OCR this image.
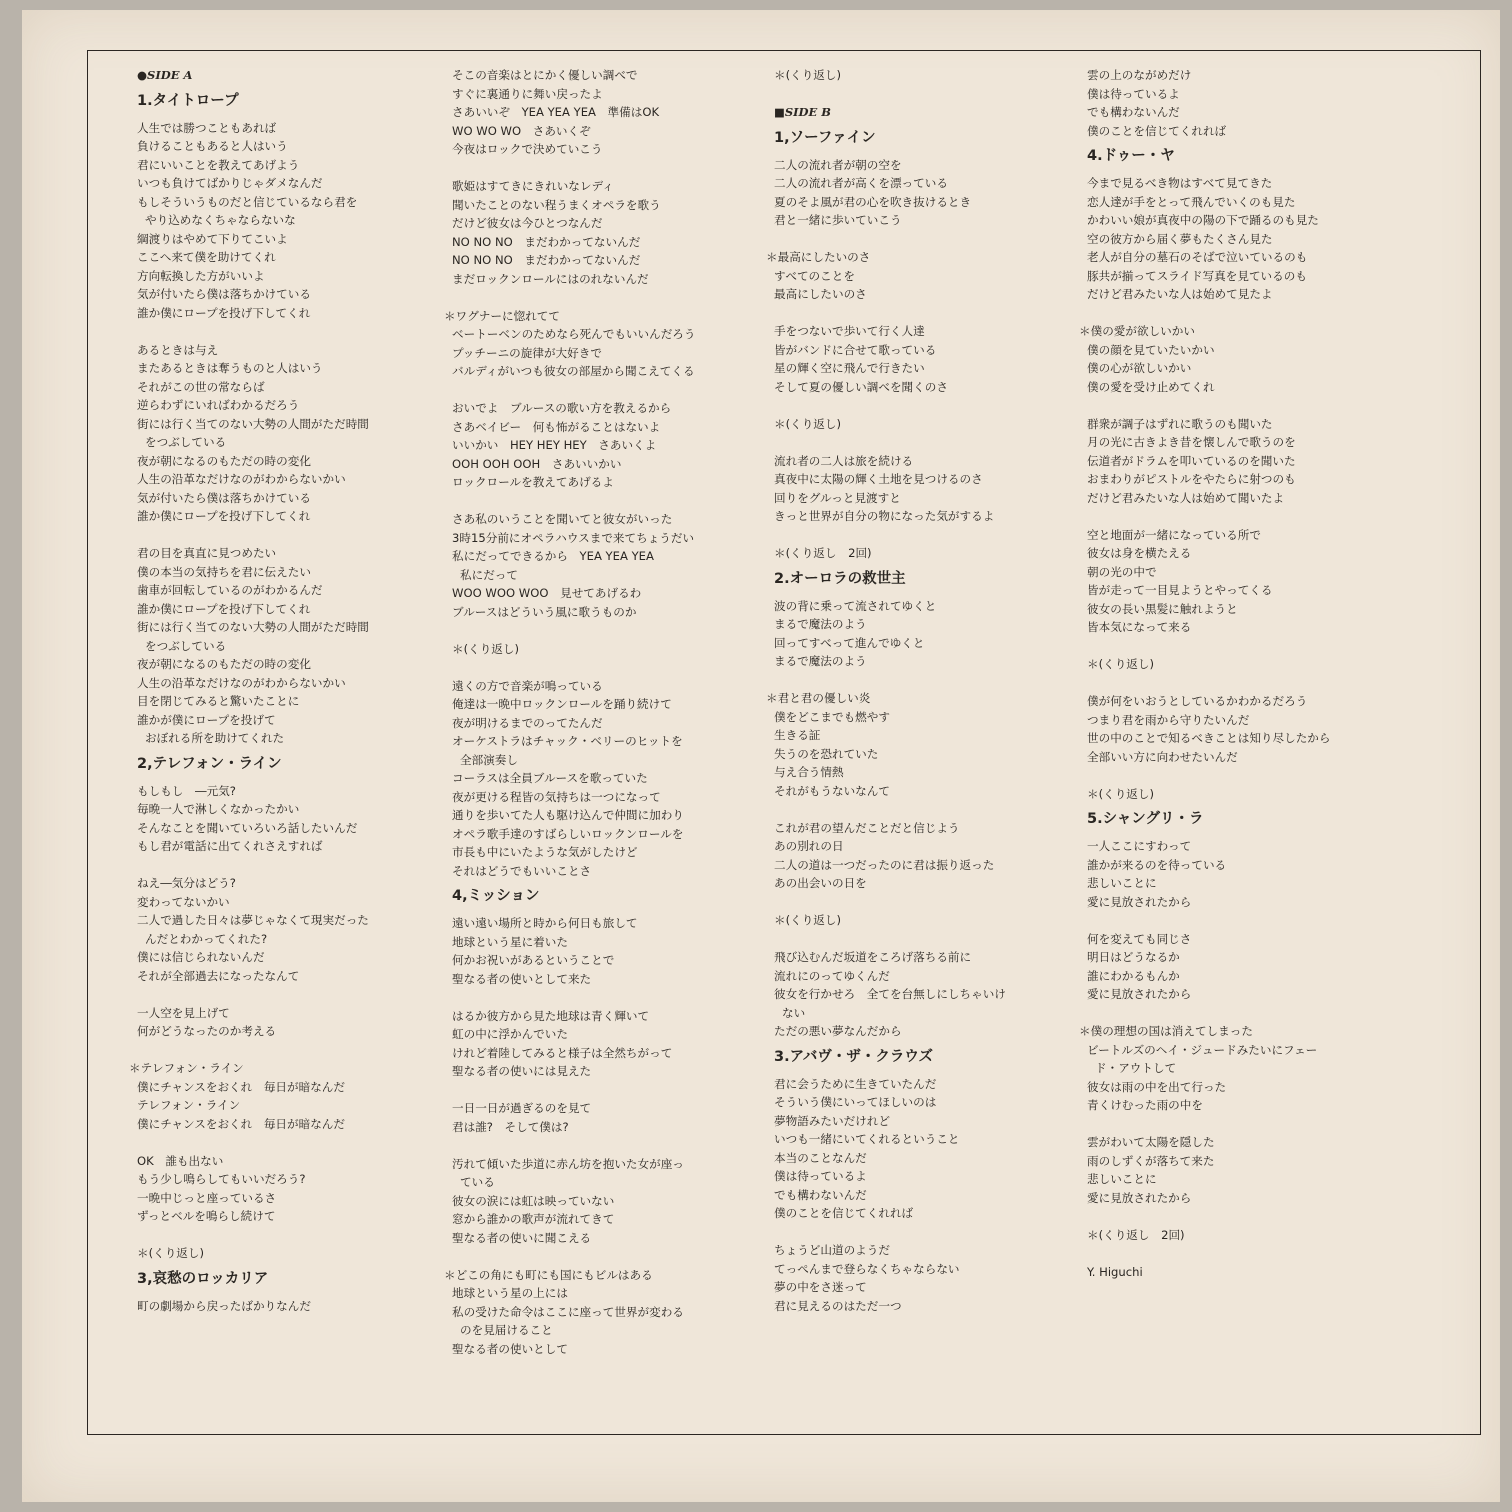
●SIDE A
1.タイトロープ
人生では勝つこともあれば
負けることもあると人はいう
君にいいことを教えてあげよう
いつも負けてばかりじゃダメなんだ
もしそういうものだと信じているなら君を
やり込めなくちゃならないな
綱渡りはやめて下りてこいよ
ここへ来て僕を助けてくれ
方向転換した方がいいよ
気が付いたら僕は落ちかけている
誰か僕にロープを投げ下してくれ
あるときは与え
またあるときは奪うものと人はいう
それがこの世の常ならば
逆らわずにいればわかるだろう
街には行く当てのない大勢の人間がただ時間
をつぶしている
夜が朝になるのもただの時の変化
人生の沿革なだけなのがわからないかい
気が付いたら僕は落ちかけている
誰か僕にロープを投げ下してくれ
君の目を真直に見つめたい
僕の本当の気持ちを君に伝えたい
歯車が回転しているのがわかるんだ
誰か僕にロープを投げ下してくれ
街には行く当てのない大勢の人間がただ時間
をつぶしている
夜が朝になるのもただの時の変化
人生の沿革なだけなのがわからないかい
目を閉じてみると驚いたことに
誰かが僕にロープを投げて
おぼれる所を助けてくれた
2,テレフォン・ライン
もしもし　―元気?
毎晩一人で淋しくなかったかい
そんなことを聞いていろいろ話したいんだ
もし君が電話に出てくれさえすれば
ねえ―気分はどう?
変わってないかい
二人で過した日々は夢じゃなくて現実だった
んだとわかってくれた?
僕には信じられないんだ
それが全部過去になったなんて
一人空を見上げて
何がどうなったのか考える
＊テレフォン・ライン
僕にチャンスをおくれ　毎日が暗なんだ
テレフォン・ライン
僕にチャンスをおくれ　毎日が暗なんだ
OK　誰も出ない
もう少し鳴らしてもいいだろう?
一晩中じっと座っているさ
ずっとベルを鳴らし続けて
＊(くり返し)
3,哀愁のロッカリア
町の劇場から戻ったばかりなんだ
そこの音楽はとにかく優しい調べで
すぐに裏通りに舞い戻ったよ
さあいいぞ　YEA YEA YEA　準備はOK
WO WO WO　さあいくぞ
今夜はロックで決めていこう
歌姫はすてきにきれいなレディ
聞いたことのない程うまくオペラを歌う
だけど彼女は今ひとつなんだ
NO NO NO　まだわかってないんだ
NO NO NO　まだわかってないんだ
まだロックンロールにはのれないんだ
＊ワグナーに惚れてて
ベートーベンのためなら死んでもいいんだろう
プッチーニの旋律が大好きで
バルディがいつも彼女の部屋から聞こえてくる
おいでよ　ブルースの歌い方を教えるから
さあベイビー　何も怖がることはないよ
いいかい　HEY HEY HEY　さあいくよ
OOH OOH OOH　さあいいかい
ロックロールを教えてあげるよ
さあ私のいうことを聞いてと彼女がいった
3時15分前にオペラハウスまで来てちょうだい
私にだってできるから　YEA YEA YEA
私にだって
WOO WOO WOO　見せてあげるわ
ブルースはどういう風に歌うものか
＊(くり返し)
遠くの方で音楽が鳴っている
俺達は一晩中ロックンロールを踊り続けて
夜が明けるまでのってたんだ
オーケストラはチャック・ベリーのヒットを
全部演奏し
コーラスは全員ブルースを歌っていた
夜が更ける程皆の気持ちは一つになって
通りを歩いてた人も駆け込んで仲間に加わり
オペラ歌手達のすばらしいロックンロールを
市長も中にいたような気がしたけど
それはどうでもいいことさ
4,ミッション
遠い遠い場所と時から何日も旅して
地球という星に着いた
何かお祝いがあるということで
聖なる者の使いとして来た
はるか彼方から見た地球は青く輝いて
虹の中に浮かんでいた
けれど着陸してみると様子は全然ちがって
聖なる者の使いには見えた
一日一日が過ぎるのを見て
君は誰?　そして僕は?
汚れて傾いた歩道に赤ん坊を抱いた女が座っ
ている
彼女の涙には虹は映っていない
窓から誰かの歌声が流れてきて
聖なる者の使いに聞こえる
＊どこの角にも町にも国にもビルはある
地球という星の上には
私の受けた命令はここに座って世界が変わる
のを見届けること
聖なる者の使いとして
＊(くり返し)
■SIDE B
1,ソーファイン
二人の流れ者が朝の空を
二人の流れ者が高くを漂っている
夏のそよ風が君の心を吹き抜けるとき
君と一緒に歩いていこう
＊最高にしたいのさ
すべてのことを
最高にしたいのさ
手をつないで歩いて行く人達
皆がバンドに合せて歌っている
星の輝く空に飛んで行きたい
そして夏の優しい調べを聞くのさ
＊(くり返し)
流れ者の二人は旅を続ける
真夜中に太陽の輝く土地を見つけるのさ
回りをグルっと見渡すと
きっと世界が自分の物になった気がするよ
＊(くり返し　2回)
2.オーロラの救世主
波の背に乗って流されてゆくと
まるで魔法のよう
回ってすべって進んでゆくと
まるで魔法のよう
＊君と君の優しい炎
僕をどこまでも燃やす
生きる証
失うのを恐れていた
与え合う情熱
それがもうないなんて
これが君の望んだことだと信じよう
あの別れの日
二人の道は一つだったのに君は振り返った
あの出会いの日を
＊(くり返し)
飛び込むんだ坂道をころげ落ちる前に
流れにのってゆくんだ
彼女を行かせろ　全てを台無しにしちゃいけ
ない
ただの悪い夢なんだから
3.アバヴ・ザ・クラウズ
君に会うために生きていたんだ
そういう僕にいってほしいのは
夢物語みたいだけれど
いつも一緒にいてくれるということ
本当のことなんだ
僕は待っているよ
でも構わないんだ
僕のことを信じてくれれば
ちょうど山道のようだ
てっぺんまで登らなくちゃならない
夢の中をさ迷って
君に見えるのはただ一つ
雲の上のながめだけ
僕は待っているよ
でも構わないんだ
僕のことを信じてくれれば
4.ドゥー・ヤ
今まで見るべき物はすべて見てきた
恋人達が手をとって飛んでいくのも見た
かわいい娘が真夜中の陽の下で踊るのも見た
空の彼方から届く夢もたくさん見た
老人が自分の墓石のそばで泣いているのも
豚共が揃ってスライド写真を見ているのも
だけど君みたいな人は始めて見たよ
＊僕の愛が欲しいかい
僕の顔を見ていたいかい
僕の心が欲しいかい
僕の愛を受け止めてくれ
群衆が調子はずれに歌うのも聞いた
月の光に古きよき昔を懐しんで歌うのを
伝道者がドラムを叩いているのを聞いた
おまわりがピストルをやたらに射つのも
だけど君みたいな人は始めて聞いたよ
空と地面が一緒になっている所で
彼女は身を横たえる
朝の光の中で
皆が走って一目見ようとやってくる
彼女の長い黒髪に触れようと
皆本気になって来る
＊(くり返し)
僕が何をいおうとしているかわかるだろう
つまり君を雨から守りたいんだ
世の中のことで知るべきことは知り尽したから
全部いい方に向わせたいんだ
＊(くり返し)
5.シャングリ・ラ
一人ここにすわって
誰かが来るのを待っている
悲しいことに
愛に見放されたから
何を変えても同じさ
明日はどうなるか
誰にわかるもんか
愛に見放されたから
＊僕の理想の国は消えてしまった
ビートルズのヘイ・ジュードみたいにフェー
ド・アウトして
彼女は雨の中を出て行った
青くけむった雨の中を
雲がわいて太陽を隠した
雨のしずくが落ちて来た
悲しいことに
愛に見放されたから
＊(くり返し　2回)
Y. Higuchi
